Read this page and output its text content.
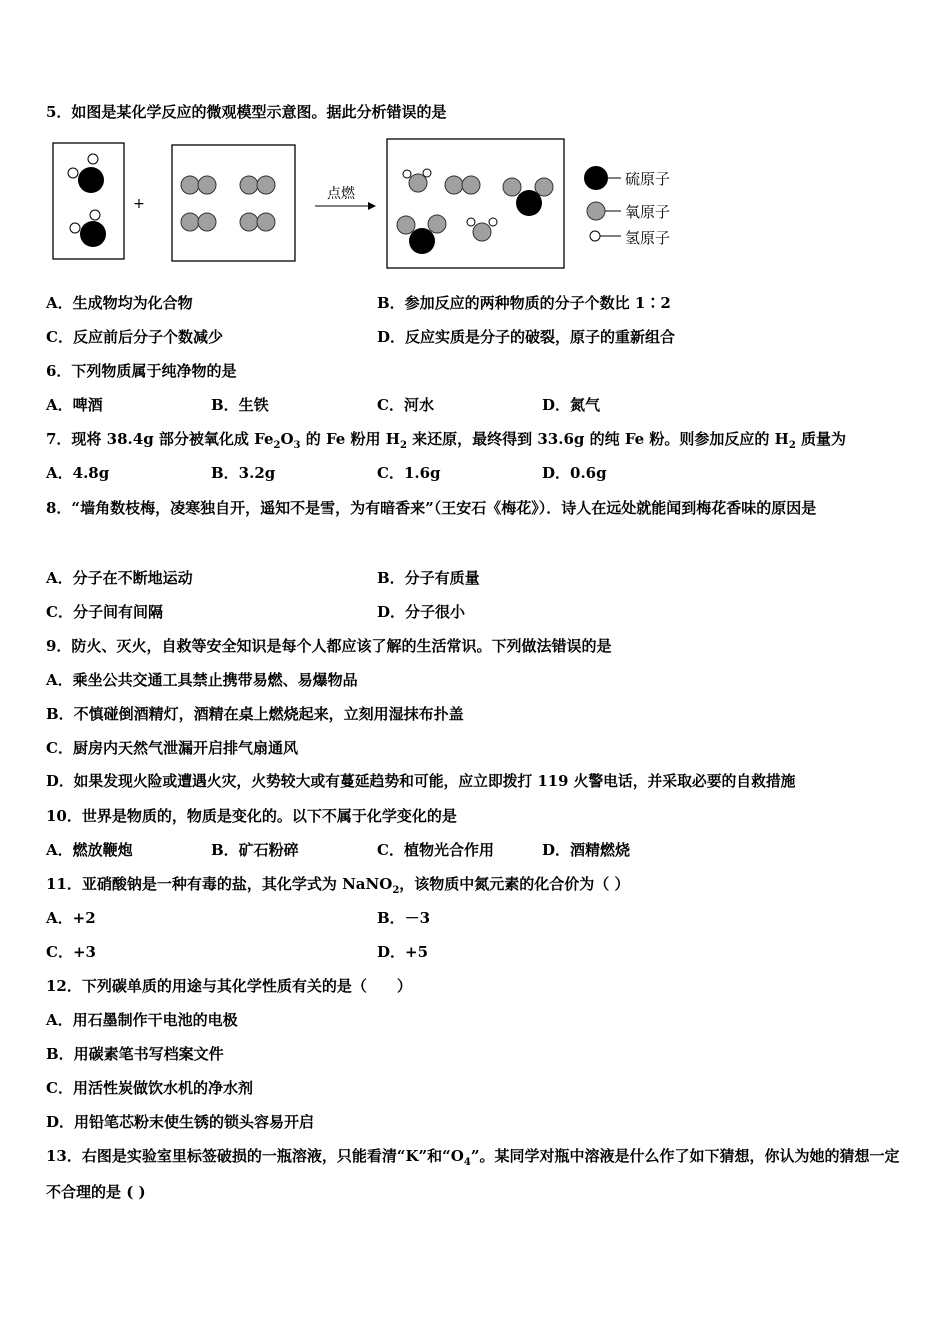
5．如图是某化学反应的微观模型示意图。据此分析错误的是
+
点燃
硫原子
氧原子
氢原子
A．生成物均为化合物	B．参加反应的两种物质的分子个数比 1∶2
C．反应前后分子个数减少	D．反应实质是分子的破裂，原子的重新组合
6．下列物质属于纯净物的是
A．啤酒	B．生铁	C．河水	D．氮气
7．现将 38.4g 部分被氧化成 $Fe_2O_3$ 的 Fe 粉用 $H_2$ 来还原，最终得到 33.6g 的纯 Fe 粉。则参加反应的 $H_2$ 质量为
A．4.8g	B．3.2g	C．1.6g	D．0.6g
8．“墙角数枝梅，凌寒独自开，遥知不是雪，为有暗香来”（王安石《梅花》）．诗人在远处就能闻到梅花香味的原因是
A．分子在不断地运动	B．分子有质量
C．分子间有间隔	D．分子很小
9．防火、灭火，自救等安全知识是每个人都应该了解的生活常识。下列做法错误的是
A．乘坐公共交通工具禁止携带易燃、易爆物品
B．不慎碰倒酒精灯，酒精在桌上燃烧起来，立刻用湿抹布扑盖
C．厨房内天然气泄漏开启排气扇通风
D．如果发现火险或遭遇火灾，火势较大或有蔓延趋势和可能，应立即拨打 119 火警电话，并采取必要的自救措施
10．世界是物质的，物质是变化的。以下不属于化学变化的是
A．燃放鞭炮	B．矿石粉碎	C．植物光合作用	D．酒精燃烧
11．亚硝酸钠是一种有毒的盐，其化学式为 NaNO$_2$，该物质中氮元素的化合价为（ ）
A．+2	B．－3
C．+3	D．+5
12．下列碳单质的用途与其化学性质有关的是（　　）
A．用石墨制作干电池的电极
B．用碳素笔书写档案文件
C．用活性炭做饮水机的净水剂
D．用铅笔芯粉末使生锈的锁头容易开启
13．右图是实验室里标签破损的一瓶溶液，只能看清“K”和“$O_4$”。某同学对瓶中溶液是什么作了如下猜想，你认为她的猜想一定不合理的是 ( )
